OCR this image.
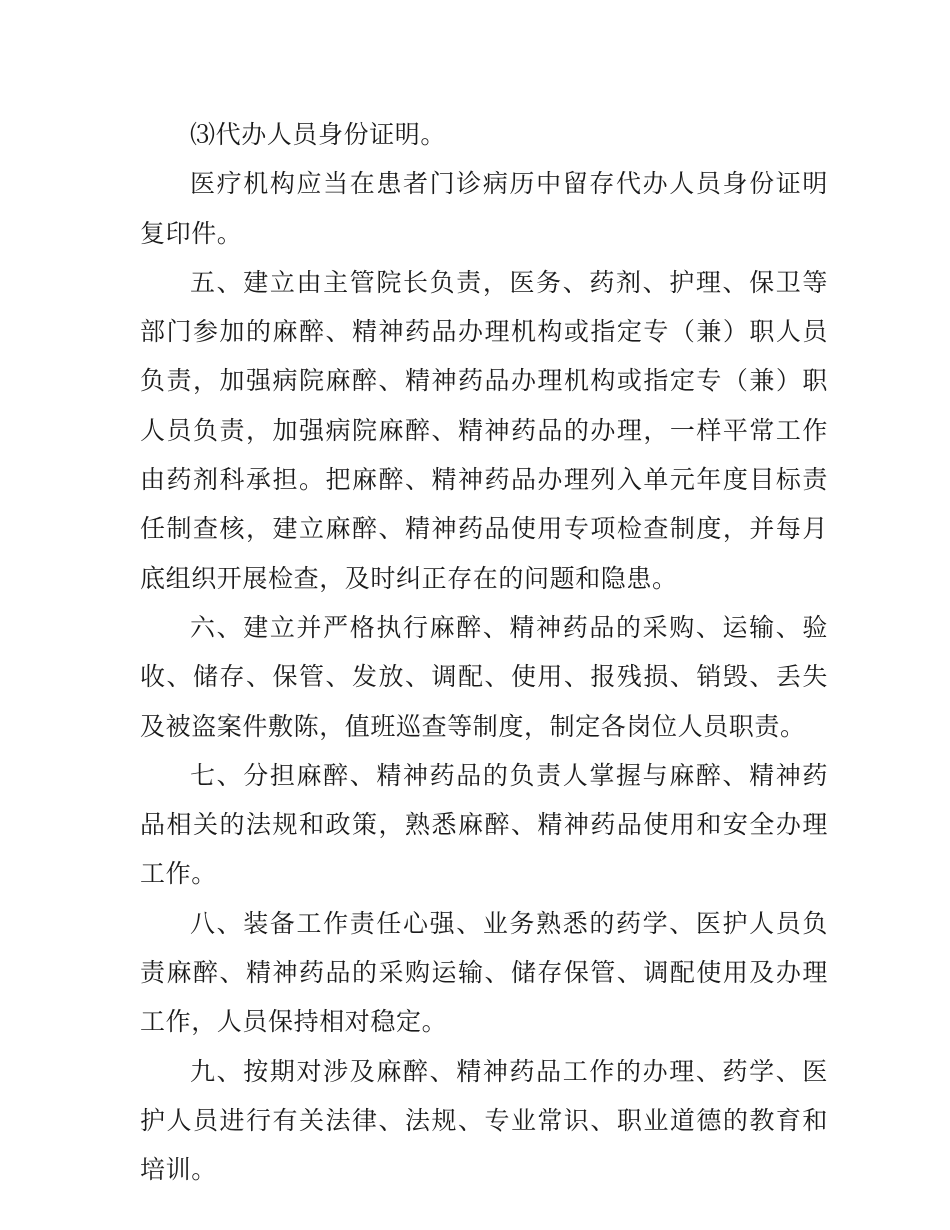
⑶代办人员身份证明。

医疗机构应当在患者门诊病历中留存代办人员身份证明复印件。

五、建立由主管院长负责，医务、药剂、护理、保卫等部门参加的麻醉、精神药品办理机构或指定专（兼）职人员负责，加强病院麻醉、精神药品办理机构或指定专（兼）职人员负责，加强病院麻醉、精神药品的办理，一样平常工作由药剂科承担。把麻醉、精神药品办理列入单元年度目标责任制查核，建立麻醉、精神药品使用专项检查制度，并每月底组织开展检查，及时纠正存在的问题和隐患。

六、建立并严格执行麻醉、精神药品的采购、运输、验收、储存、保管、发放、调配、使用、报残损、销毁、丢失及被盗案件敷陈，值班巡查等制度，制定各岗位人员职责。

七、分担麻醉、精神药品的负责人掌握与麻醉、精神药品相关的法规和政策，熟悉麻醉、精神药品使用和安全办理工作。

八、装备工作责任心强、业务熟悉的药学、医护人员负责麻醉、精神药品的采购运输、储存保管、调配使用及办理工作，人员保持相对稳定。

九、按期对涉及麻醉、精神药品工作的办理、药学、医护人员进行有关法律、法规、专业常识、职业道德的教育和培训。
